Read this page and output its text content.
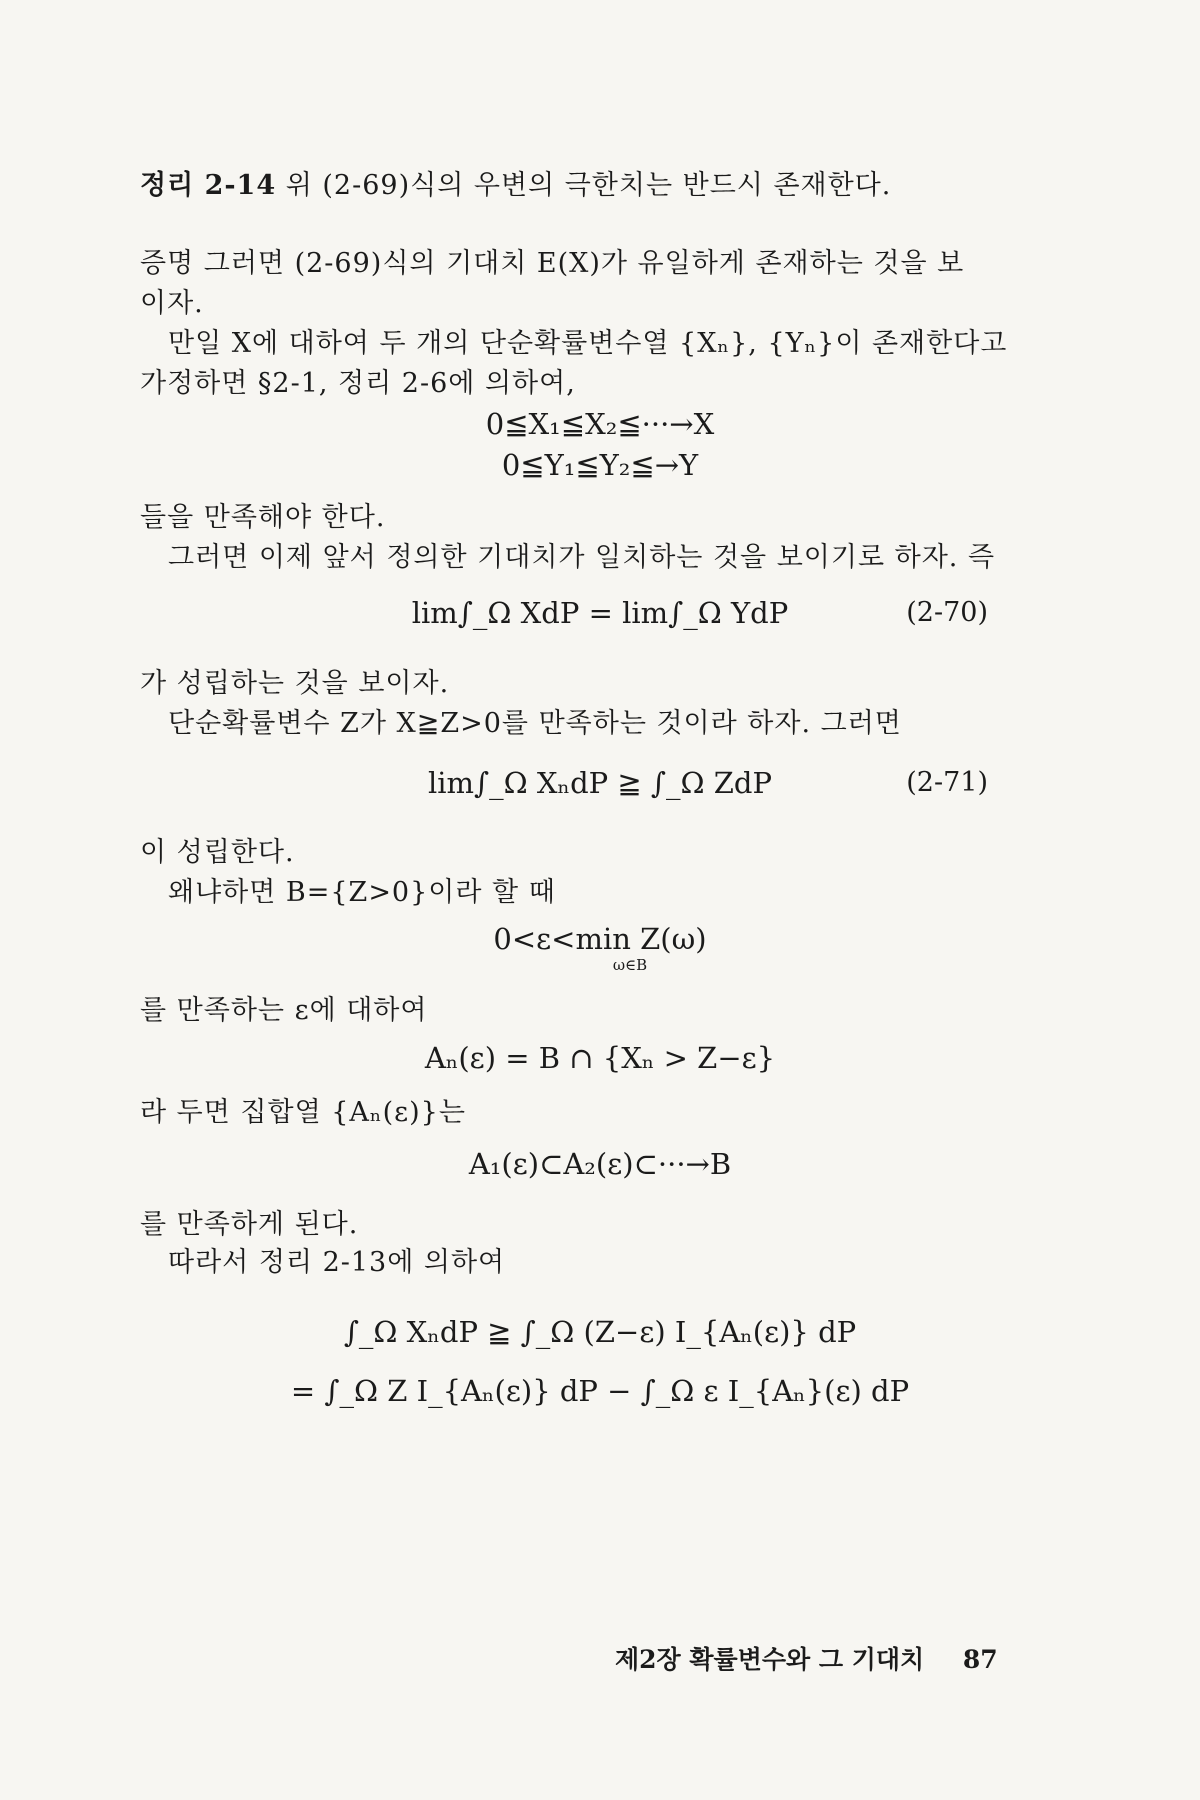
정리 2-14 위 (2-69)식의 우변의 극한치는 반드시 존재한다.
증명 그러면 (2-69)식의 기대치 E(X)가 유일하게 존재하는 것을 보
이자.
만일 X에 대하여 두 개의 단순확률변수열 {Xₙ}, {Yₙ}이 존재한다고
가정하면 §2-1, 정리 2-6에 의하여,
0≦X₁≦X₂≦···→X
0≦Y₁≦Y₂≦→Y
들을 만족해야 한다.
그러면 이제 앞서 정의한 기대치가 일치하는 것을 보이기로 하자. 즉
lim∫_Ω XdP = lim∫_Ω YdP	(2-70)
가 성립하는 것을 보이자.
단순확률변수 Z가 X≧Z>0를 만족하는 것이라 하자. 그러면
lim∫_Ω XₙdP ≧ ∫_Ω ZdP	(2-71)
이 성립한다.
왜냐하면 B={Z>0}이라 할 때
0<ε<min Z(ω)
ω∈B
를 만족하는 ε에 대하여
Aₙ(ε) = B ∩ {Xₙ > Z−ε}
라 두면 집합열 {Aₙ(ε)}는
A₁(ε)⊂A₂(ε)⊂···→B
를 만족하게 된다.
따라서 정리 2-13에 의하여
∫_Ω XₙdP ≧ ∫_Ω (Z−ε) I_{Aₙ(ε)} dP
= ∫_Ω Z I_{Aₙ(ε)} dP − ∫_Ω ε I_{Aₙ}(ε) dP
제2장 확률변수와 그 기대치 87
